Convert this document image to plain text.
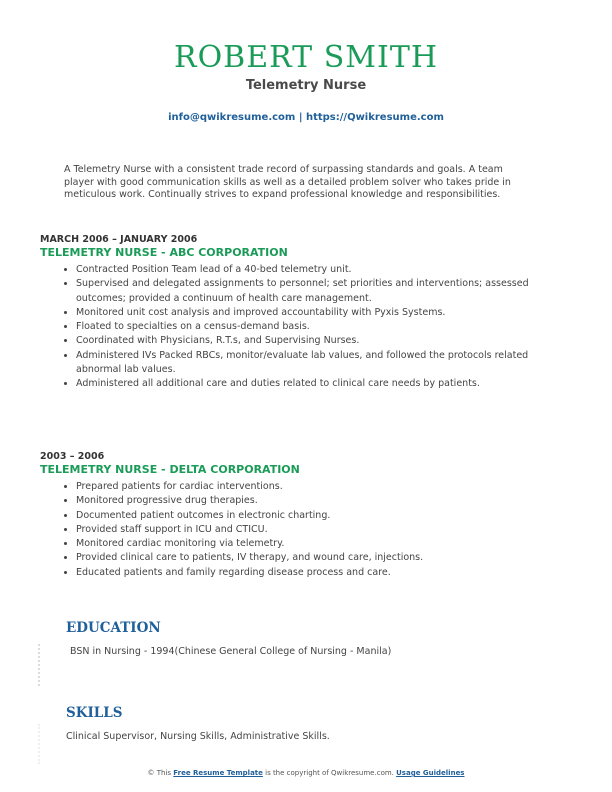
ROBERT SMITH
Telemetry Nurse
info@qwikresume.com | https://Qwikresume.com
A Telemetry Nurse with a consistent trade record of surpassing standards and goals. A team player with good communication skills as well as a detailed problem solver who takes pride in meticulous work. Continually strives to expand professional knowledge and responsibilities.
MARCH 2006 – JANUARY 2006
TELEMETRY NURSE - ABC CORPORATION
• Contracted Position Team lead of a 40-bed telemetry unit.
• Supervised and delegated assignments to personnel; set priorities and interventions; assessed outcomes; provided a continuum of health care management.
• Monitored unit cost analysis and improved accountability with Pyxis Systems.
• Floated to specialties on a census-demand basis.
• Coordinated with Physicians, R.T.s, and Supervising Nurses.
• Administered IVs Packed RBCs, monitor/evaluate lab values, and followed the protocols related abnormal lab values.
• Administered all additional care and duties related to clinical care needs by patients.
2003 – 2006
TELEMETRY NURSE - DELTA CORPORATION
• Prepared patients for cardiac interventions.
• Monitored progressive drug therapies.
• Documented patient outcomes in electronic charting.
• Provided staff support in ICU and CTICU.
• Monitored cardiac monitoring via telemetry.
• Provided clinical care to patients, IV therapy, and wound care, injections.
• Educated patients and family regarding disease process and care.
EDUCATION
BSN in Nursing - 1994(Chinese General College of Nursing - Manila)
SKILLS
Clinical Supervisor, Nursing Skills, Administrative Skills.
© This Free Resume Template is the copyright of Qwikresume.com. Usage Guidelines
